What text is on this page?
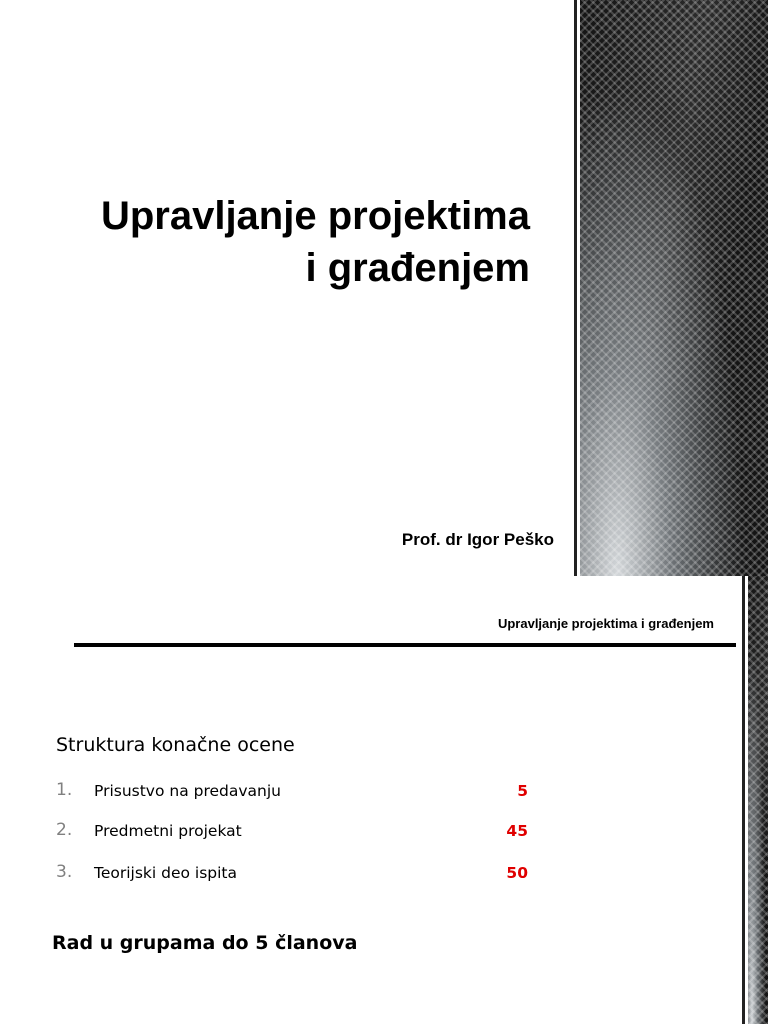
Upravljanje projektima
i građenjem
Prof. dr Igor Peško
Upravljanje projektima i građenjem
Struktura konačne ocene
1. Prisustvo na predavanju	5
2. Predmetni projekat	45
3. Teorijski deo ispita	50
Rad u grupama do 5 članova
